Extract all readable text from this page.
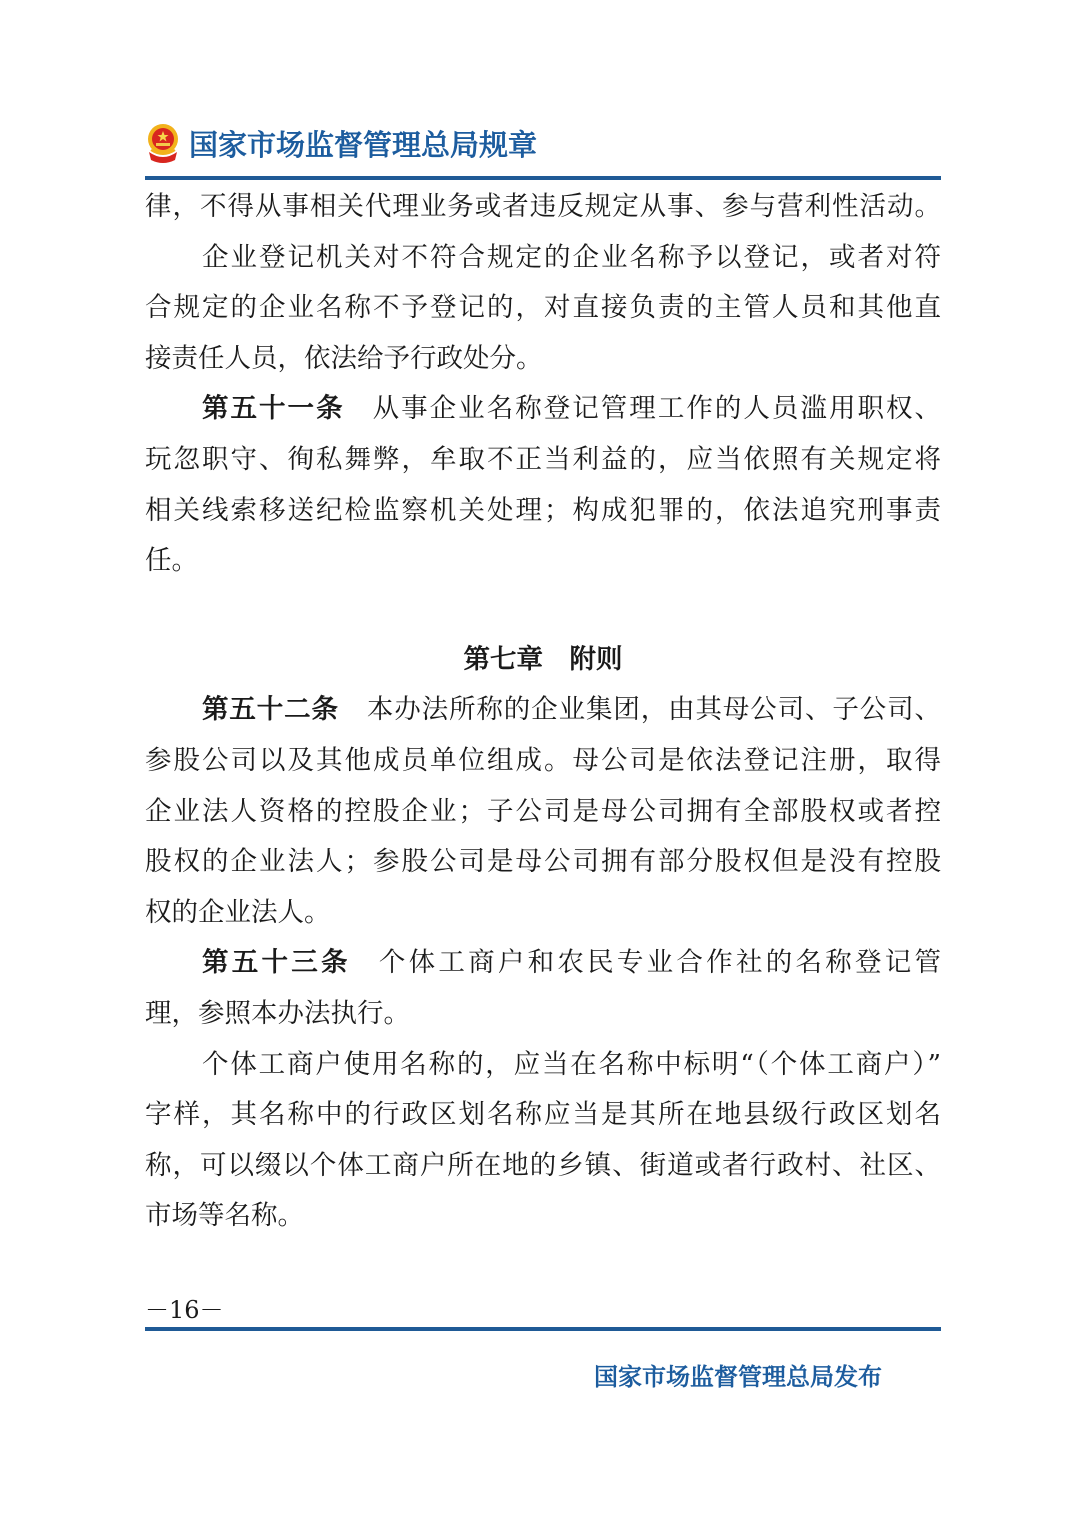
国家市场监督管理总局规章
律，不得从事相关代理业务或者违反规定从事、参与营利性活动。
企业登记机关对不符合规定的企业名称予以登记，或者对符
合规定的企业名称不予登记的，对直接负责的主管人员和其他直
接责任人员，依法给予行政处分。
第五十一条 从事企业名称登记管理工作的人员滥用职权、
玩忽职守、徇私舞弊，牟取不正当利益的，应当依照有关规定将
相关线索移送纪检监察机关处理；构成犯罪的，依法追究刑事责
任。
第七章　附则
第五十二条 本办法所称的企业集团，由其母公司、子公司、
参股公司以及其他成员单位组成。母公司是依法登记注册，取得
企业法人资格的控股企业；子公司是母公司拥有全部股权或者控
股权的企业法人；参股公司是母公司拥有部分股权但是没有控股
权的企业法人。
第五十三条 个体工商户和农民专业合作社的名称登记管
理，参照本办法执行。
个体工商户使用名称的，应当在名称中标明“（个体工商户）”
字样，其名称中的行政区划名称应当是其所在地县级行政区划名
称，可以缀以个体工商户所在地的乡镇、街道或者行政村、社区、
市场等名称。
－16－
国家市场监督管理总局发布
